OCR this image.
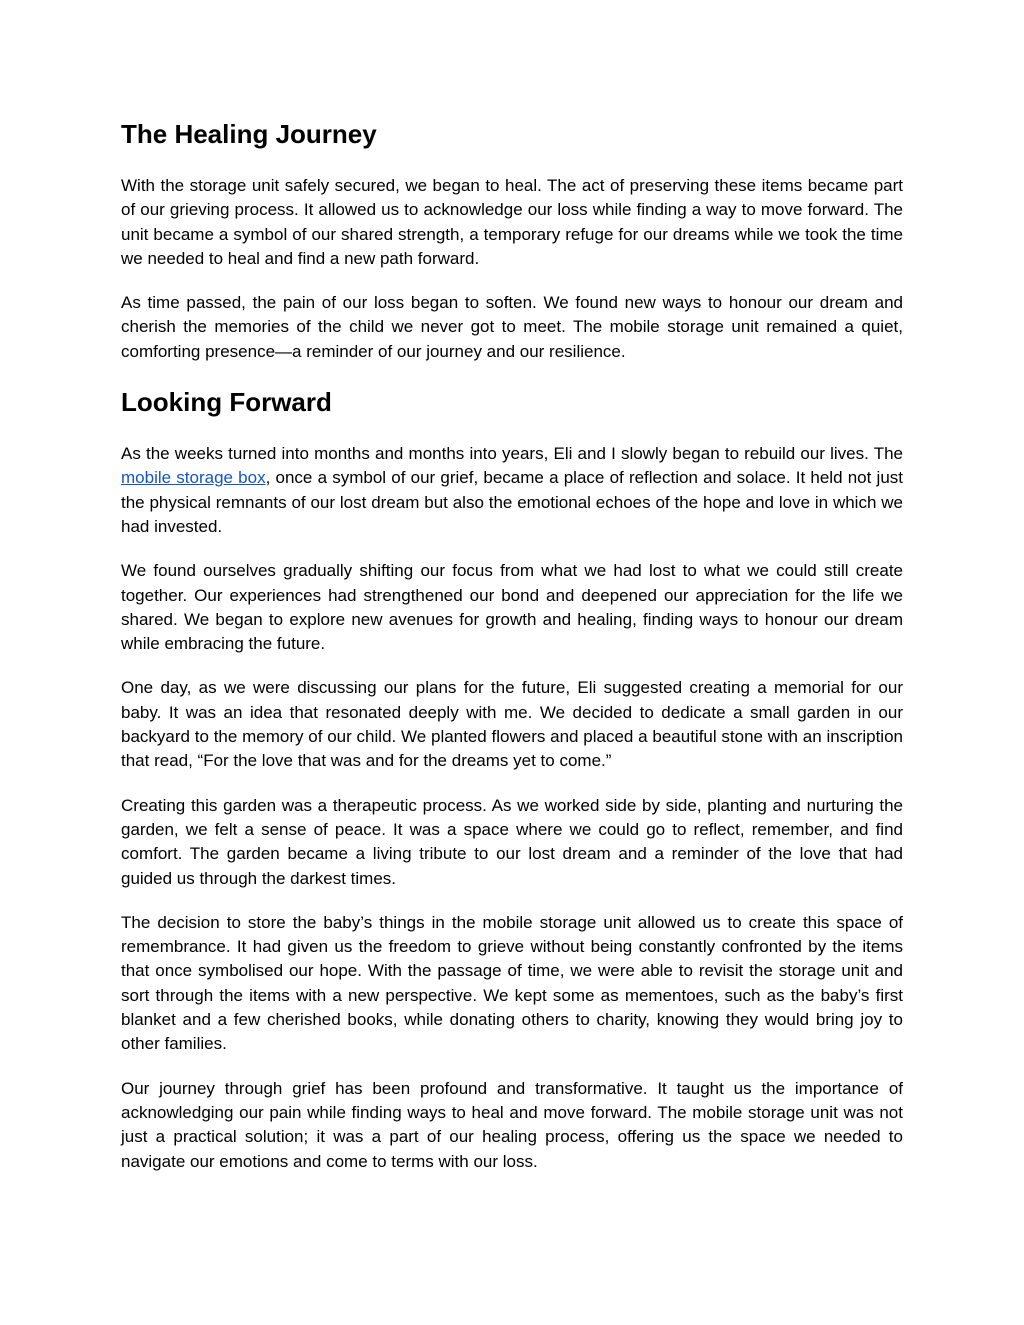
The Healing Journey

With the storage unit safely secured, we began to heal. The act of preserving these items became part of our grieving process. It allowed us to acknowledge our loss while finding a way to move forward. The unit became a symbol of our shared strength, a temporary refuge for our dreams while we took the time we needed to heal and find a new path forward.

As time passed, the pain of our loss began to soften. We found new ways to honour our dream and cherish the memories of the child we never got to meet. The mobile storage unit remained a quiet, comforting presence—a reminder of our journey and our resilience.

Looking Forward

As the weeks turned into months and months into years, Eli and I slowly began to rebuild our lives. The mobile storage box, once a symbol of our grief, became a place of reflection and solace. It held not just the physical remnants of our lost dream but also the emotional echoes of the hope and love in which we had invested.

We found ourselves gradually shifting our focus from what we had lost to what we could still create together. Our experiences had strengthened our bond and deepened our appreciation for the life we shared. We began to explore new avenues for growth and healing, finding ways to honour our dream while embracing the future.

One day, as we were discussing our plans for the future, Eli suggested creating a memorial for our baby. It was an idea that resonated deeply with me. We decided to dedicate a small garden in our backyard to the memory of our child. We planted flowers and placed a beautiful stone with an inscription that read, “For the love that was and for the dreams yet to come.”

Creating this garden was a therapeutic process. As we worked side by side, planting and nurturing the garden, we felt a sense of peace. It was a space where we could go to reflect, remember, and find comfort. The garden became a living tribute to our lost dream and a reminder of the love that had guided us through the darkest times.

The decision to store the baby’s things in the mobile storage unit allowed us to create this space of remembrance. It had given us the freedom to grieve without being constantly confronted by the items that once symbolised our hope. With the passage of time, we were able to revisit the storage unit and sort through the items with a new perspective. We kept some as mementoes, such as the baby’s first blanket and a few cherished books, while donating others to charity, knowing they would bring joy to other families.

Our journey through grief has been profound and transformative. It taught us the importance of acknowledging our pain while finding ways to heal and move forward. The mobile storage unit was not just a practical solution; it was a part of our healing process, offering us the space we needed to navigate our emotions and come to terms with our loss.
